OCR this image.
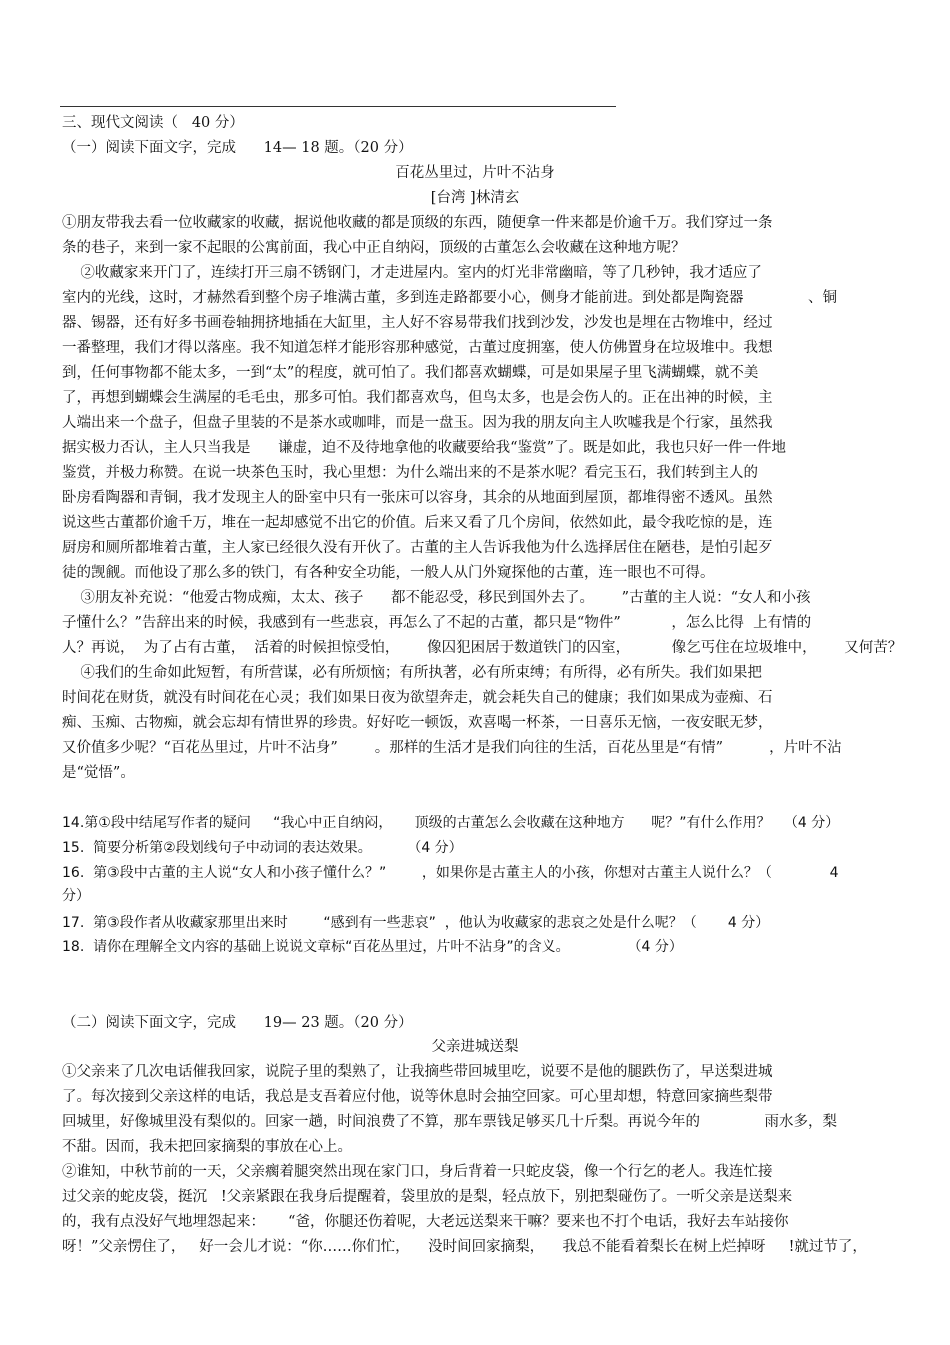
三、现代文阅读（   40 分）
（一）阅读下面文字，完成      14— 18 题。（20 分）
百花丛里过，片叶不沾身
[台湾 ]林清玄
①朋友带我去看一位收藏家的收藏，据说他收藏的都是顶级的东西，随便拿一件来都是价逾千万。我们穿过一条
条的巷子，来到一家不起眼的公寓前面，我心中正自纳闷，顶级的古董怎么会收藏在这种地方呢？
②收藏家来开门了，连续打开三扇不锈钢门，才走进屋内。室内的灯光非常幽暗，等了几秒钟，我才适应了
室内的光线，这时，才赫然看到整个房子堆满古董，多到连走路都要小心，侧身才能前进。到处都是陶瓷器              、铜
器、锡器，还有好多书画卷轴拥挤地插在大缸里，主人好不容易带我们找到沙发，沙发也是埋在古物堆中，经过
一番整理，我们才得以落座。我不知道怎样才能形容那种感觉，古董过度拥塞，使人仿佛置身在垃圾堆中。我想
到，任何事物都不能太多，一到“太”的程度，就可怕了。我们都喜欢蝴蝶，可是如果屋子里飞满蝴蝶，就不美
了，再想到蝴蝶会生满屋的毛毛虫，那多可怕。我们都喜欢鸟，但鸟太多，也是会伤人的。正在出神的时候，主
人端出来一个盘子，但盘子里装的不是茶水或咖啡，而是一盘玉。因为我的朋友向主人吹嘘我是个行家，虽然我
据实极力否认，主人只当我是      谦虚，迫不及待地拿他的收藏要给我“鉴赏”了。既是如此，我也只好一件一件地
鉴赏，并极力称赞。在说一块茶色玉时，我心里想：为什么端出来的不是茶水呢？看完玉石，我们转到主人的
卧房看陶器和青铜，我才发现主人的卧室中只有一张床可以容身，其余的从地面到屋顶，都堆得密不透风。虽然
说这些古董都价逾千万，堆在一起却感觉不出它的价值。后来又看了几个房间，依然如此，最令我吃惊的是，连
厨房和厕所都堆着古董，主人家已经很久没有开伙了。古董的主人告诉我他为什么选择居住在陋巷，是怕引起歹
徒的觊觎。而他设了那么多的铁门，有各种安全功能，一般人从门外窥探他的古董，连一眼也不可得。
③朋友补充说：“他爱古物成痴，太太、孩子      都不能忍受，移民到国外去了。      ”古董的主人说：“女人和小孩
子懂什么？”告辞出来的时候，我感到有一些悲哀，再怎么了不起的古董，都只是“物件”           ，怎么比得  上有情的
人？再说，  为了占有古董，  活着的时候担惊受怕，      像囚犯困居于数道铁门的囚室，         像乞丐住在垃圾堆中，      又何苦？
④我们的生命如此短暂，有所营谋，必有所烦恼；有所执著，必有所束缚；有所得，必有所失。我们如果把
时间花在财货，就没有时间花在心灵；我们如果日夜为欲望奔走，就会耗失自己的健康；我们如果成为壶痴、石
痴、玉痴、古物痴，就会忘却有情世界的珍贵。好好吃一顿饭，欢喜喝一杯茶，一日喜乐无恼，一夜安眠无梦，
又价值多少呢？“百花丛里过，片叶不沾身”        。那样的生活才是我们向往的生活，百花丛里是“有情”          ，片叶不沾
是“觉悟”。
14.第①段中结尾写作者的疑问     “我心中正自纳闷，     顶级的古董怎么会收藏在这种地方      呢？”有什么作用？   （4 分）
15.  简要分析第②段划线句子中动词的表达效果。        （4 分）
16.  第③段中古董的主人说“女人和小孩子懂什么？”        ，如果你是古董主人的小孩，你想对古董主人说什么？（             4
分）
17.  第③段作者从收藏家那里出来时        “感到有一些悲哀”  ，他认为收藏家的悲哀之处是什么呢？（       4 分）
18.  请你在理解全文内容的基础上说说文章标“百花丛里过，片叶不沾身”的含义。             （4 分）
（二）阅读下面文字，完成      19— 23 题。（20 分）
父亲进城送梨
①父亲来了几次电话催我回家，说院子里的梨熟了，让我摘些带回城里吃，说要不是他的腿跌伤了，早送梨进城
了。每次接到父亲这样的电话，我总是支吾着应付他，说等休息时会抽空回家。可心里却想，特意回家摘些梨带
回城里，好像城里没有梨似的。回家一趟，时间浪费了不算，那车票钱足够买几十斤梨。再说今年的              雨水多，梨
不甜。因而，我未把回家摘梨的事放在心上。
②谁知，中秋节前的一天，父亲瘸着腿突然出现在家门口，身后背着一只蛇皮袋，像一个行乞的老人。我连忙接
过父亲的蛇皮袋，挺沉   !父亲紧跟在我身后提醒着，袋里放的是梨，轻点放下，别把梨碰伤了。一听父亲是送梨来
的，我有点没好气地埋怨起来：     “爸，你腿还伤着呢，大老远送梨来干嘛？要来也不打个电话，我好去车站接你
呀！”父亲愣住了，   好一会儿才说：“你……你们忙，    没时间回家摘梨，    我总不能看着梨长在树上烂掉呀     !就过节了，
